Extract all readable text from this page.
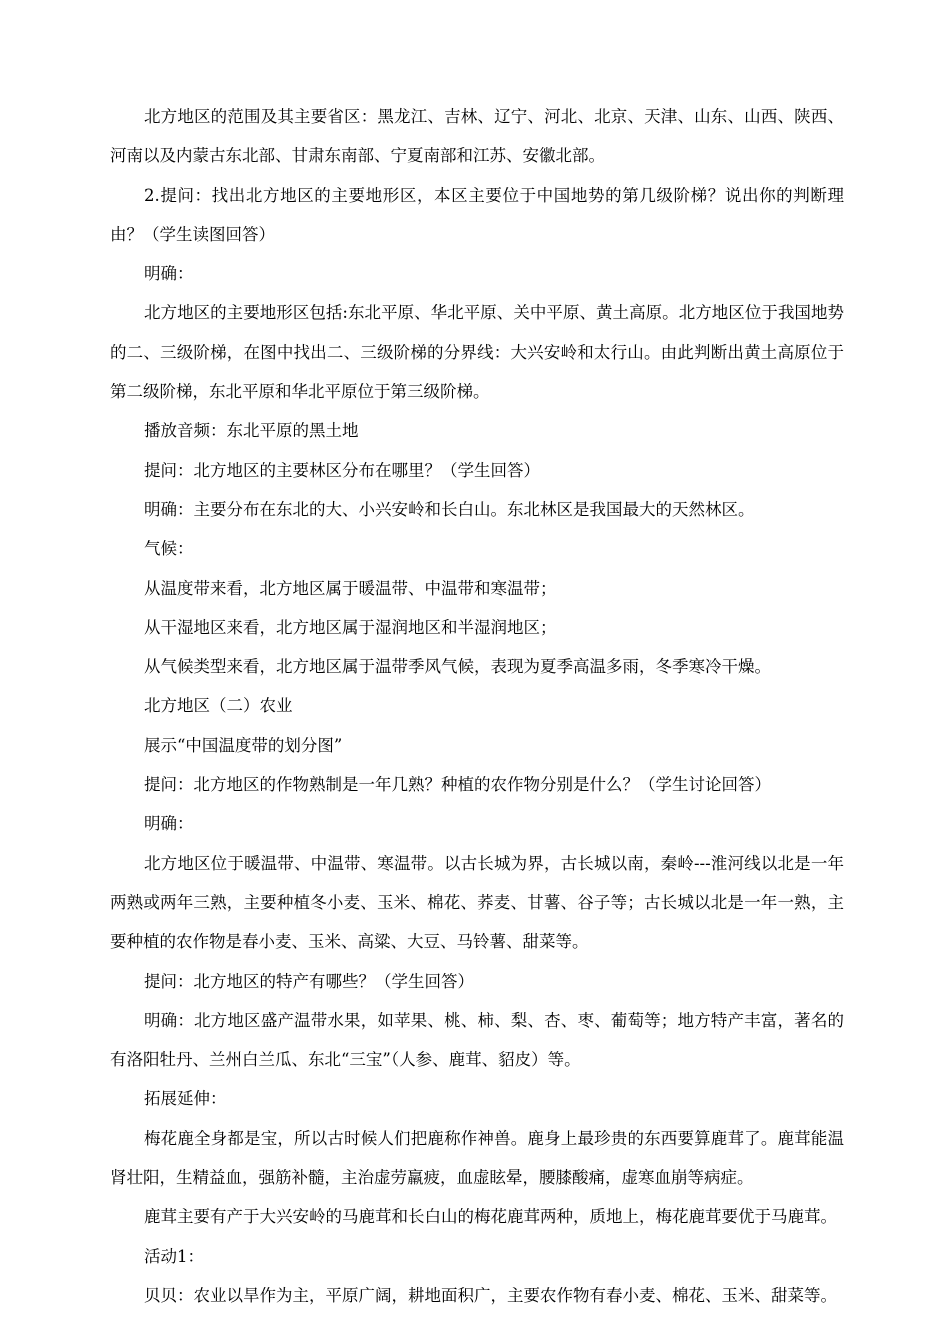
北方地区的范围及其主要省区：黑龙江、吉林、辽宁、河北、北京、天津、山东、山西、陕西、河南以及内蒙古东北部、甘肃东南部、宁夏南部和江苏、安徽北部。

2.提问：找出北方地区的主要地形区，本区主要位于中国地势的第几级阶梯？说出你的判断理由？（学生读图回答）

明确：

北方地区的主要地形区包括:东北平原、华北平原、关中平原、黄土高原。北方地区位于我国地势的二、三级阶梯，在图中找出二、三级阶梯的分界线：大兴安岭和太行山。由此判断出黄土高原位于第二级阶梯，东北平原和华北平原位于第三级阶梯。

播放音频：东北平原的黑土地

提问：北方地区的主要林区分布在哪里？（学生回答）

明确：主要分布在东北的大、小兴安岭和长白山。东北林区是我国最大的天然林区。

气候：

从温度带来看，北方地区属于暖温带、中温带和寒温带；

从干湿地区来看，北方地区属于湿润地区和半湿润地区；

从气候类型来看，北方地区属于温带季风气候，表现为夏季高温多雨，冬季寒冷干燥。

北方地区（二）农业

展示“中国温度带的划分图”

提问：北方地区的作物熟制是一年几熟？种植的农作物分别是什么？（学生讨论回答）

明确：

北方地区位于暖温带、中温带、寒温带。以古长城为界，古长城以南，秦岭---淮河线以北是一年两熟或两年三熟，主要种植冬小麦、玉米、棉花、荞麦、甘薯、谷子等；古长城以北是一年一熟，主要种植的农作物是春小麦、玉米、高粱、大豆、马铃薯、甜菜等。

提问：北方地区的特产有哪些？（学生回答）

明确：北方地区盛产温带水果，如苹果、桃、柿、梨、杏、枣、葡萄等；地方特产丰富，著名的有洛阳牡丹、兰州白兰瓜、东北“三宝”（人参、鹿茸、貂皮）等。

拓展延伸：

梅花鹿全身都是宝，所以古时候人们把鹿称作神兽。鹿身上最珍贵的东西要算鹿茸了。鹿茸能温肾壮阳，生精益血，强筋补髓，主治虚劳羸疲，血虚眩晕，腰膝酸痛，虚寒血崩等病症。

鹿茸主要有产于大兴安岭的马鹿茸和长白山的梅花鹿茸两种，质地上，梅花鹿茸要优于马鹿茸。

活动1：

贝贝：农业以旱作为主，平原广阔，耕地面积广，主要农作物有春小麦、棉花、玉米、甜菜等。
